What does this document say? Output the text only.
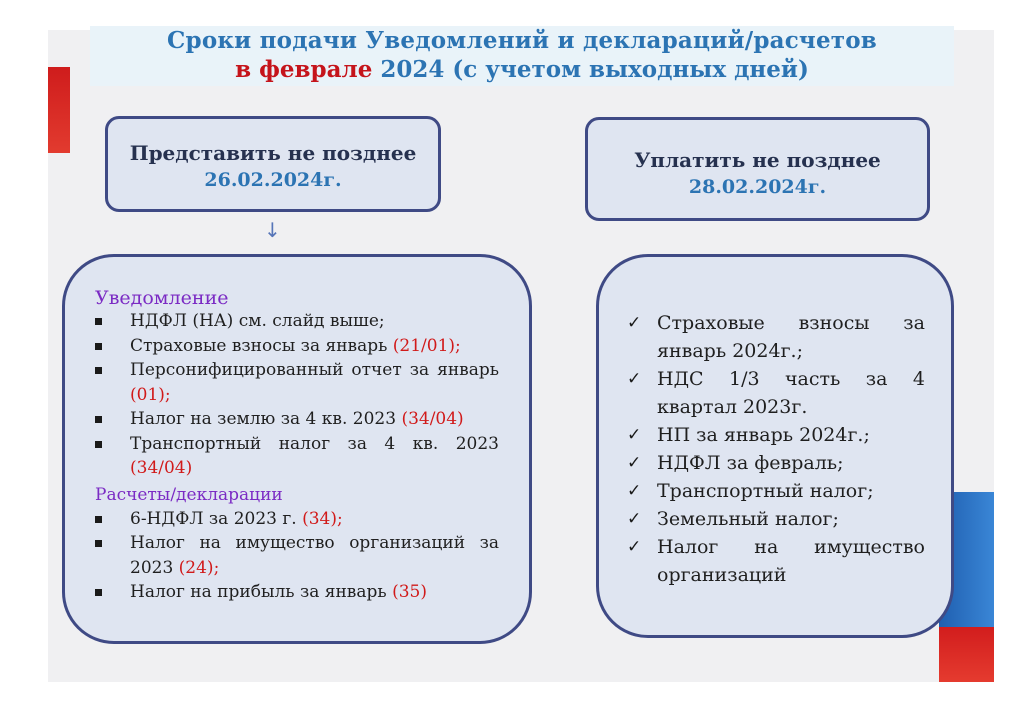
Сроки подачи Уведомлений и деклараций/расчетов
в феврале 2024 (с учетом выходных дней)
Представить не позднее
26.02.2024г.
Уплатить не позднее
28.02.2024г.
↓
Уведомление
НДФЛ (НА) см. слайд выше;
Страховые взносы за январь (21/01);
Персонифицированный отчет за январь (01);
Налог на землю за 4 кв. 2023 (34/04)
Транспортный налог за 4 кв. 2023 (34/04)
Расчеты/декларации
6-НДФЛ за 2023 г. (34);
Налог на имущество организаций за 2023 (24);
Налог на прибыль за январь (35)
✓ Страховые взносы за январь 2024г.;
✓ НДС 1/3 часть за 4 квартал 2023г.
✓ НП за январь 2024г.;
✓ НДФЛ за февраль;
✓ Транспортный налог;
✓ Земельный налог;
✓ Налог на имущество организаций
